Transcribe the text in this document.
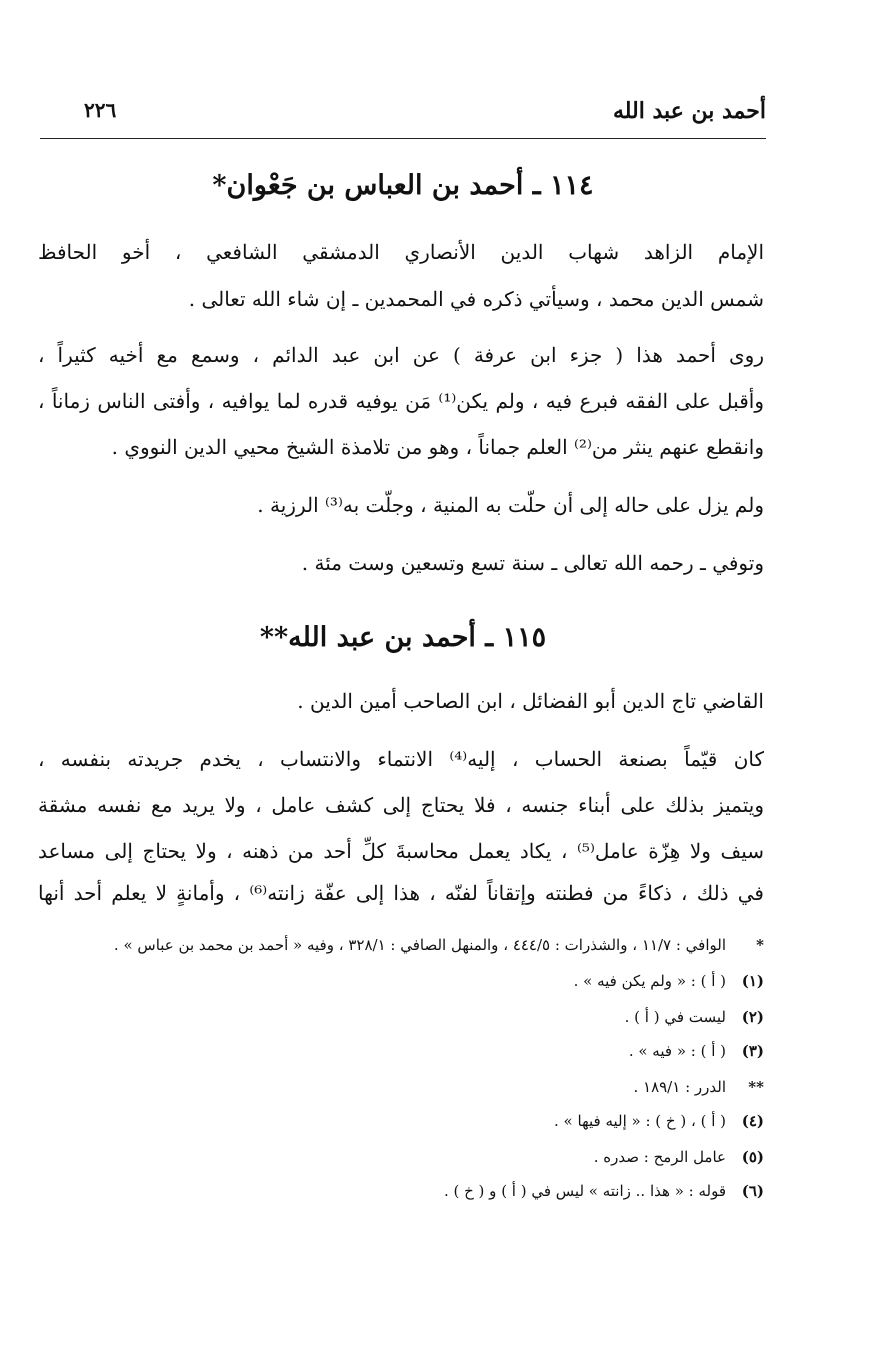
أحمد بن عبد الله
٢٢٦
١١٤ ـ أحمد بن العباس بن جَعْوان*
الإمام الزاهد شهاب الدين الأنصاري الدمشقي الشافعي ، أخو الحافظ
شمس الدين محمد ، وسيأتي ذكره في المحمدين ـ إن شاء الله تعالى .
روى أحمد هذا ( جزء ابن عرفة ) عن ابن عبد الدائم ، وسمع مع أخيه كثيراً ،
وأقبل على الفقه فبرع فيه ، ولم يكن⁽¹⁾ مَن يوفيه قدره لما يوافيه ، وأفتى الناس زماناً ،
وانقطع عنهم ينثر من⁽²⁾ العلم جماناً ، وهو من تلامذة الشيخ محيي الدين النووي .
ولم يزل على حاله إلى أن حلّت به المنية ، وجلّت به⁽³⁾ الرزية .
وتوفي ـ رحمه الله تعالى ـ سنة تسع وتسعين وست مئة .
١١٥ ـ أحمد بن عبد الله**
القاضي تاج الدين أبو الفضائل ، ابن الصاحب أمين الدين .
كان قيّماً بصنعة الحساب ، إليه⁽⁴⁾ الانتماء والانتساب ، يخدم جريدته بنفسه ،
ويتميز بذلك على أبناء جنسه ، فلا يحتاج إلى كشف عامل ، ولا يريد مع نفسه مشقة
سيف ولا هِزّة عامل⁽⁵⁾ ، يكاد يعمل محاسبةَ كلِّ أحد من ذهنه ، ولا يحتاج إلى مساعد
في ذلك ، ذكاءً من فطنته وإتقاناً لفنّه ، هذا إلى عفّة زانته⁽⁶⁾ ، وأمانةٍ لا يعلم أحد أنها
*الوافي : ١١/٧ ، والشذرات : ٤٤٤/٥ ، والمنهل الصافي : ٣٢٨/١ ، وفيه « أحمد بن محمد بن عباس » .
(١)( أ ) : « ولم يكن فيه » .
(٢)ليست في ( أ ) .
(٣)( أ ) : « فيه » .
**الدرر : ١٨٩/١ .
(٤)( أ ) ، ( خ ) : « إليه فيها » .
(٥)عامل الرمح : صدره .
(٦)قوله : « هذا .. زانته » ليس في ( أ ) و ( خ ) .
